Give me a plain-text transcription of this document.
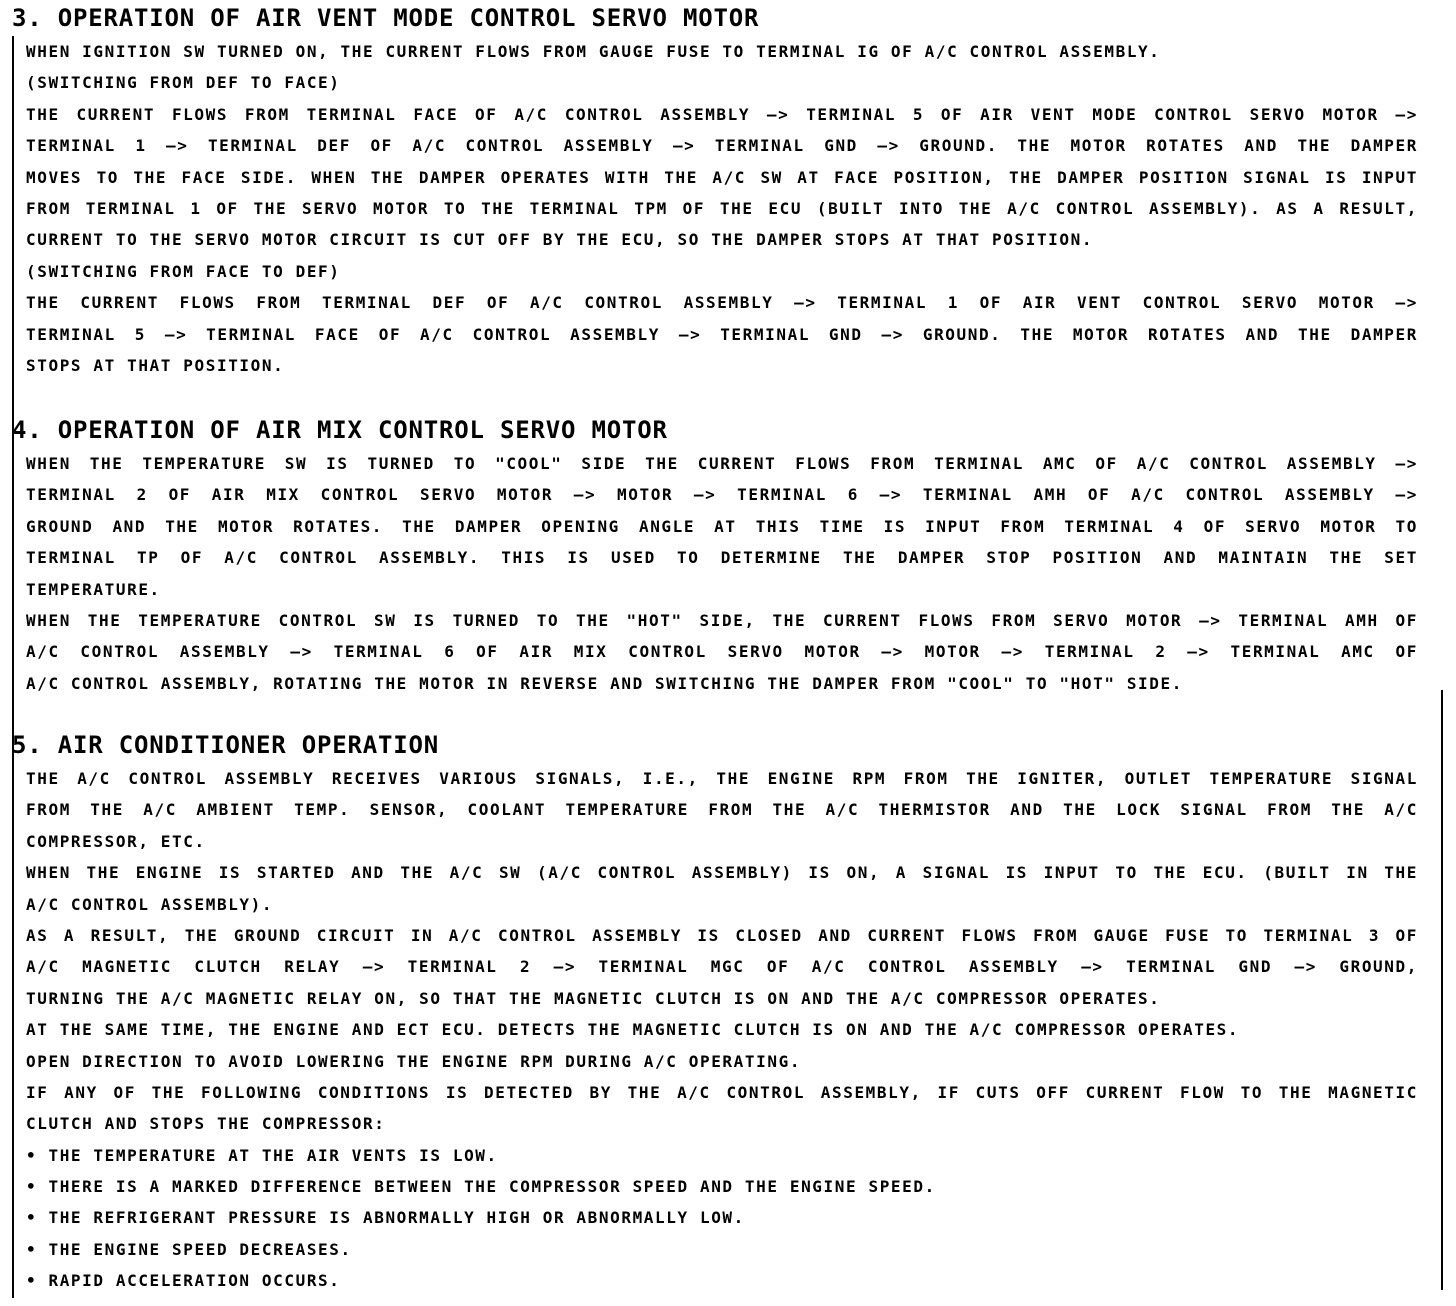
3. OPERATION OF AIR VENT MODE CONTROL SERVO MOTOR
WHEN IGNITION SW TURNED ON, THE CURRENT FLOWS FROM GAUGE FUSE TO TERMINAL IG OF A/C CONTROL ASSEMBLY.
(SWITCHING FROM DEF TO FACE)
THE CURRENT FLOWS FROM TERMINAL FACE OF A/C CONTROL ASSEMBLY —> TERMINAL 5 OF AIR VENT MODE CONTROL SERVO MOTOR —>
TERMINAL 1 —> TERMINAL DEF OF A/C CONTROL ASSEMBLY —> TERMINAL GND —> GROUND. THE MOTOR ROTATES AND THE DAMPER
MOVES TO THE FACE SIDE. WHEN THE DAMPER OPERATES WITH THE A/C SW AT FACE POSITION, THE DAMPER POSITION SIGNAL IS INPUT
FROM TERMINAL 1 OF THE SERVO MOTOR TO THE TERMINAL TPM OF THE ECU (BUILT INTO THE A/C CONTROL ASSEMBLY). AS A RESULT,
CURRENT TO THE SERVO MOTOR CIRCUIT IS CUT OFF BY THE ECU, SO THE DAMPER STOPS AT THAT POSITION.
(SWITCHING FROM FACE TO DEF)
THE CURRENT FLOWS FROM TERMINAL DEF OF A/C CONTROL ASSEMBLY —> TERMINAL 1 OF AIR VENT CONTROL SERVO MOTOR —>
TERMINAL 5 —> TERMINAL FACE OF A/C CONTROL ASSEMBLY —> TERMINAL GND —> GROUND. THE MOTOR ROTATES AND THE DAMPER
STOPS AT THAT POSITION.
4. OPERATION OF AIR MIX CONTROL SERVO MOTOR
WHEN THE TEMPERATURE SW IS TURNED TO "COOL" SIDE THE CURRENT FLOWS FROM TERMINAL AMC OF A/C CONTROL ASSEMBLY —>
TERMINAL 2 OF AIR MIX CONTROL SERVO MOTOR —> MOTOR —> TERMINAL 6 —> TERMINAL AMH OF A/C CONTROL ASSEMBLY —>
GROUND AND THE MOTOR ROTATES. THE DAMPER OPENING ANGLE AT THIS TIME IS INPUT FROM TERMINAL 4 OF SERVO MOTOR TO
TERMINAL TP OF A/C CONTROL ASSEMBLY. THIS IS USED TO DETERMINE THE DAMPER STOP POSITION AND MAINTAIN THE SET
TEMPERATURE.
WHEN THE TEMPERATURE CONTROL SW IS TURNED TO THE "HOT" SIDE, THE CURRENT FLOWS FROM SERVO MOTOR —> TERMINAL AMH OF
A/C CONTROL ASSEMBLY —> TERMINAL 6 OF AIR MIX CONTROL SERVO MOTOR —> MOTOR —> TERMINAL 2 —> TERMINAL AMC OF
A/C CONTROL ASSEMBLY, ROTATING THE MOTOR IN REVERSE AND SWITCHING THE DAMPER FROM "COOL" TO "HOT" SIDE.
5. AIR CONDITIONER OPERATION
THE A/C CONTROL ASSEMBLY RECEIVES VARIOUS SIGNALS, I.E., THE ENGINE RPM FROM THE IGNITER, OUTLET TEMPERATURE SIGNAL
FROM THE A/C AMBIENT TEMP. SENSOR, COOLANT TEMPERATURE FROM THE A/C THERMISTOR AND THE LOCK SIGNAL FROM THE A/C
COMPRESSOR, ETC.
WHEN THE ENGINE IS STARTED AND THE A/C SW (A/C CONTROL ASSEMBLY) IS ON, A SIGNAL IS INPUT TO THE ECU. (BUILT IN THE
A/C CONTROL ASSEMBLY).
AS A RESULT, THE GROUND CIRCUIT IN A/C CONTROL ASSEMBLY IS CLOSED AND CURRENT FLOWS FROM GAUGE FUSE TO TERMINAL 3 OF
A/C MAGNETIC CLUTCH RELAY —> TERMINAL 2 —> TERMINAL MGC OF A/C CONTROL ASSEMBLY —> TERMINAL GND —> GROUND,
TURNING THE A/C MAGNETIC RELAY ON, SO THAT THE MAGNETIC CLUTCH IS ON AND THE A/C COMPRESSOR OPERATES.
AT THE SAME TIME, THE ENGINE AND ECT ECU. DETECTS THE MAGNETIC CLUTCH IS ON AND THE A/C COMPRESSOR OPERATES.
OPEN DIRECTION TO AVOID LOWERING THE ENGINE RPM DURING A/C OPERATING.
IF ANY OF THE FOLLOWING CONDITIONS IS DETECTED BY THE A/C CONTROL ASSEMBLY, IF CUTS OFF CURRENT FLOW TO THE MAGNETIC
CLUTCH AND STOPS THE COMPRESSOR:
• THE TEMPERATURE AT THE AIR VENTS IS LOW.
• THERE IS A MARKED DIFFERENCE BETWEEN THE COMPRESSOR SPEED AND THE ENGINE SPEED.
• THE REFRIGERANT PRESSURE IS ABNORMALLY HIGH OR ABNORMALLY LOW.
• THE ENGINE SPEED DECREASES.
• RAPID ACCELERATION OCCURS.
